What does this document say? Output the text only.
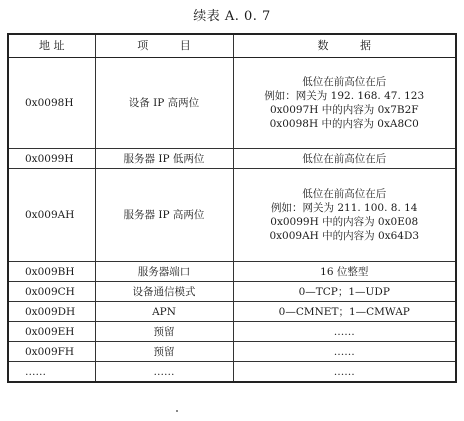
续表 A. 0. 7
地 址	项 目	数 据
0x0098H	设备 IP 高两位	低位在前高位在后
例如：网关为 192. 168. 47. 123
0x0097H 中的内容为 0x7B2F
0x0098H 中的内容为 0xA8C0

0x0099H	服务器 IP 低两位	低位在前高位在后

0x009AH	服务器 IP 高两位	低位在前高位在后
例如：网关为 211. 100. 8. 14
0x0099H 中的内容为 0x0E08
0x009AH 中的内容为 0x64D3

0x009BH	服务器端口	16 位整型

0x009CH	设备通信模式	0—TCP；1—UDP

0x009DH	APN	0—CMNET；1—CMWAP

0x009EH	预留	……

0x009FH	预留	……

……	……	……
